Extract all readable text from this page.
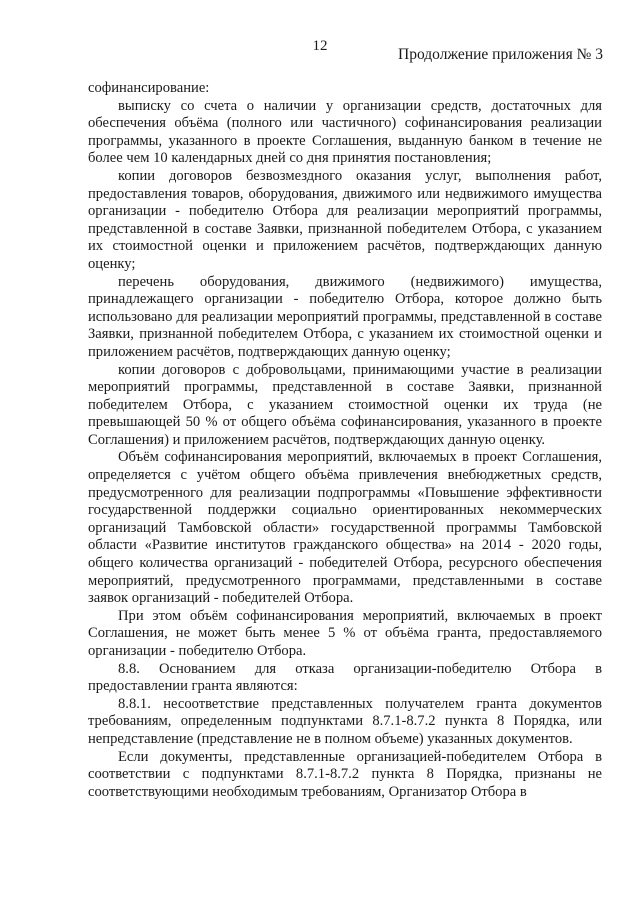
12	Продолжение приложения № 3

софинансирование:

выписку со счета о наличии у организации средств, достаточных для обеспечения объёма (полного или частичного) софинансирования реализации программы, указанного в проекте Соглашения, выданную банком в течение не более чем 10 календарных дней со дня принятия постановления;

копии договоров безвозмездного оказания услуг, выполнения работ, предоставления товаров, оборудования, движимого или недвижимого имущества организации - победителю Отбора для реализации мероприятий программы, представленной в составе Заявки, признанной победителем Отбора, с указанием их стоимостной оценки и приложением расчётов, подтверждающих данную оценку;

перечень оборудования, движимого (недвижимого) имущества, принадлежащего организации - победителю Отбора, которое должно быть использовано для реализации мероприятий программы, представленной в составе Заявки, признанной победителем Отбора, с указанием их стоимостной оценки и приложением расчётов, подтверждающих данную оценку;

копии договоров с добровольцами, принимающими участие в реализации мероприятий программы, представленной в составе Заявки, признанной победителем Отбора, с указанием стоимостной оценки их труда (не превышающей 50 % от общего объёма софинансирования, указанного в проекте Соглашения) и приложением расчётов, подтверждающих данную оценку.

Объём софинансирования мероприятий, включаемых в проект Соглашения, определяется с учётом общего объёма привлечения внебюджетных средств, предусмотренного для реализации подпрограммы «Повышение эффективности государственной поддержки социально ориентированных некоммерческих организаций Тамбовской области» государственной программы Тамбовской области «Развитие институтов гражданского общества» на 2014 - 2020 годы, общего количества организаций - победителей Отбора, ресурсного обеспечения мероприятий, предусмотренного программами, представленными в составе заявок организаций - победителей Отбора.

При этом объём софинансирования мероприятий, включаемых в проект Соглашения, не может быть менее 5 % от объёма гранта, предоставляемого организации - победителю Отбора.

8.8. Основанием для отказа организации-победителю Отбора в предоставлении гранта являются:

8.8.1. несоответствие представленных получателем гранта документов требованиям, определенным подпунктами 8.7.1-8.7.2 пункта 8 Порядка, или непредставление (представление не в полном объеме) указанных документов.

Если документы, представленные организацией-победителем Отбора в соответствии с подпунктами 8.7.1-8.7.2 пункта 8 Порядка, признаны не соответствующими необходимым требованиям, Организатор Отбора в
